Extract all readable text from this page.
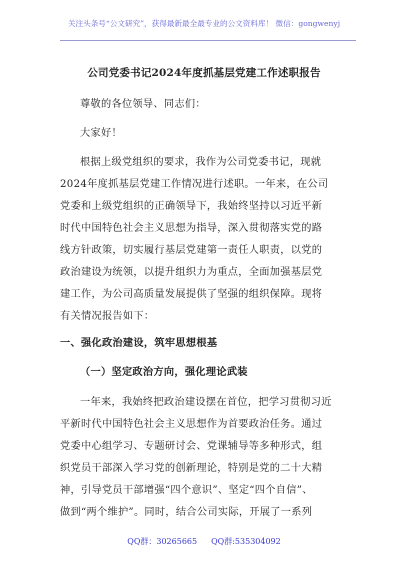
关注头条号“公文研究”，获得最新最全最专业的公文资料库！ 微信：gongwenyj
公司党委书记2024年度抓基层党建工作述职报告
尊敬的各位领导、同志们：
大家好！
根据上级党组织的要求，我作为公司党委书记，现就
2024年度抓基层党建工作情况进行述职。一年来，在公司
党委和上级党组织的正确领导下，我始终坚持以习近平新
时代中国特色社会主义思想为指导，深入贯彻落实党的路
线方针政策，切实履行基层党建第一责任人职责，以党的
政治建设为统领，以提升组织力为重点，全面加强基层党
建工作，为公司高质量发展提供了坚强的组织保障。现将
有关情况报告如下：
一、强化政治建设，筑牢思想根基
（一）坚定政治方向，强化理论武装
一年来，我始终把政治建设摆在首位，把学习贯彻习近
平新时代中国特色社会主义思想作为首要政治任务。通过
党委中心组学习、专题研讨会、党课辅导等多种形式，组
织党员干部深入学习党的创新理论，特别是党的二十大精
神，引导党员干部增强“四个意识”、坚定“四个自信”、
做到“两个维护”。同时，结合公司实际，开展了一系列
QQ群：30265665 QQ群:535304092
